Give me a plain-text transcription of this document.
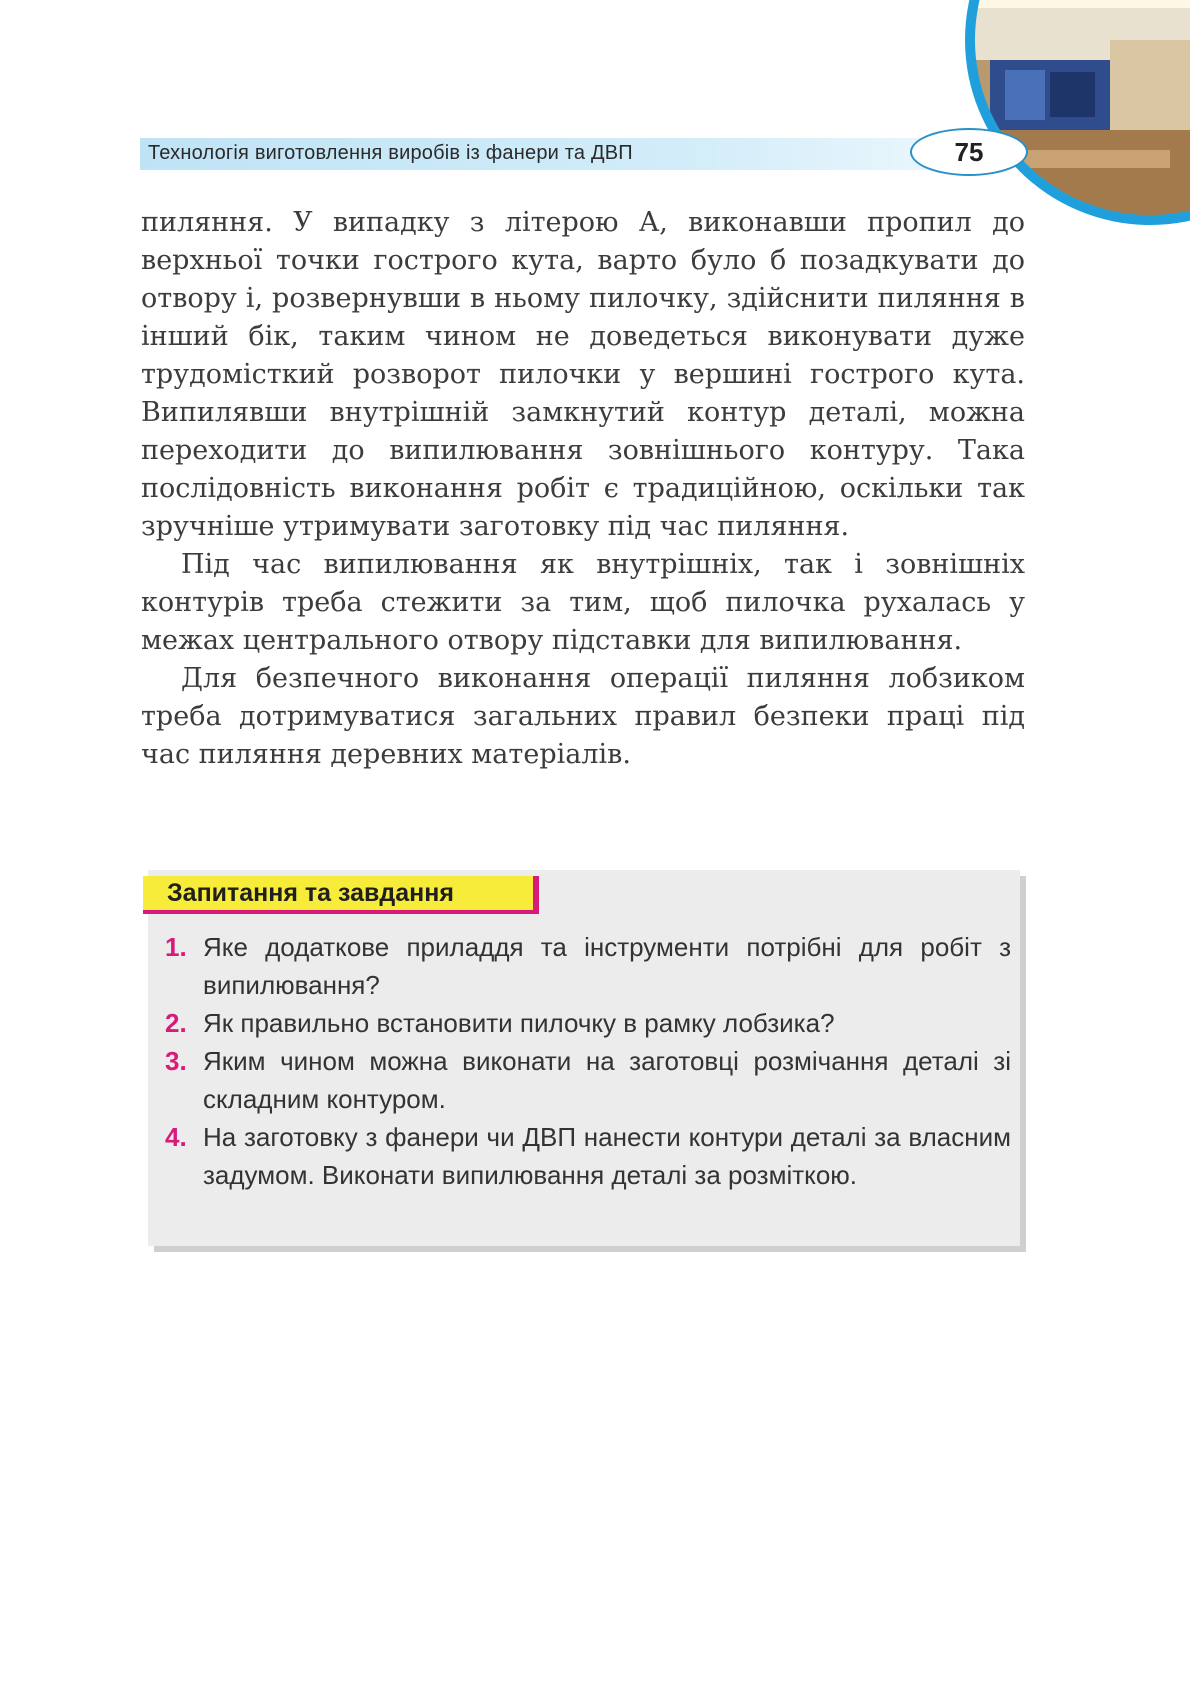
Технологія виготовлення виробів із фанери та ДВП	75

пиляння. У випадку з літерою А, виконавши пропил до верхньої точки гострого кута, варто було б позадкувати до отвору і, розвернувши в ньому пилочку, здійснити пиляння в інший бік, таким чином не доведеться виконувати дуже трудомісткий розворот пилочки у вершині гострого кута. Випилявши внутрішній замкнутий контур деталі, можна переходити до випилювання зовнішнього контуру. Така послідовність виконання робіт є традиційною, оскільки так зручніше утримувати заготовку під час пиляння.

Під час випилювання як внутрішніх, так і зовнішніх контурів треба стежити за тим, щоб пилочка рухалась у межах центрального отвору підставки для випилювання.

Для безпечного виконання операції пиляння лобзиком треба дотримуватися загальних правил безпеки праці під час пиляння деревних матеріалів.

Запитання та завдання
1. Яке додаткове приладдя та інструменти потрібні для робіт з випилювання?
2. Як правильно встановити пилочку в рамку лобзика?
3. Яким чином можна виконати на заготовці розмічання деталі зі складним контуром.
4. На заготовку з фанери чи ДВП нанести контури деталі за власним задумом. Виконати випилювання деталі за розміткою.
